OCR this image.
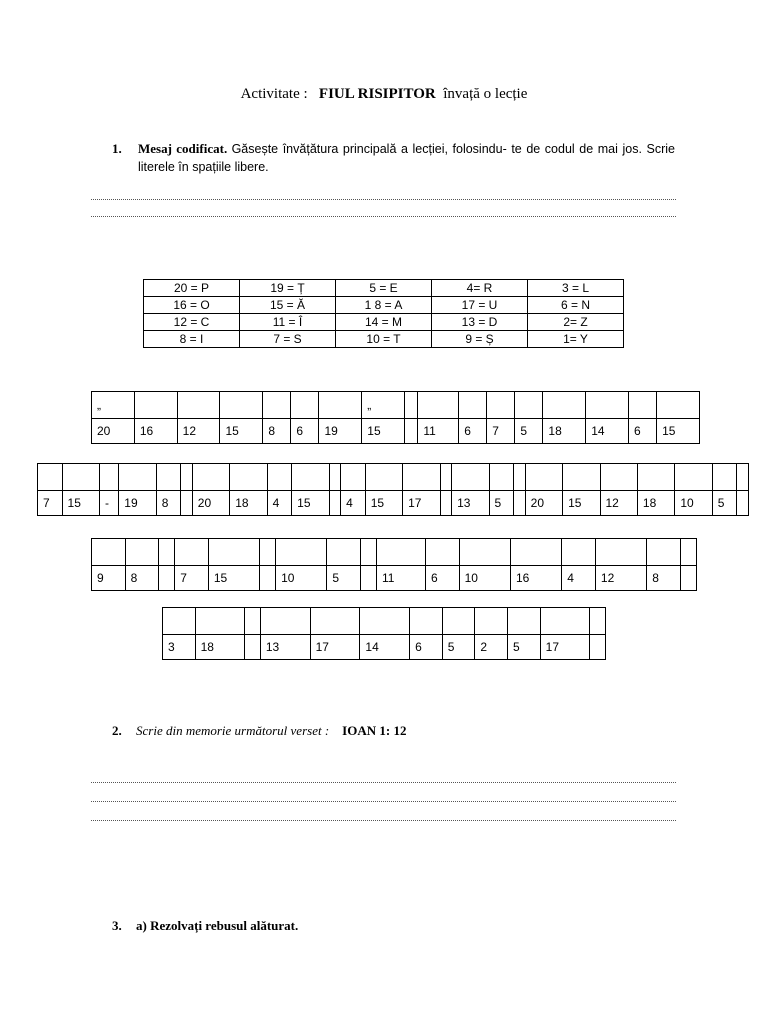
Activitate : FIUL RISIPITOR învață o lecție
1. Mesaj codificat. Găsește învățătura principală a lecției, folosindu- te de codul de mai jos. Scrie literele în spațiile libere.
20 = P	19 = Ț	5 = E	4= R	3 = L
16 = O	15 = Ă	1 8 = A	17 = U	6 = N
12 = C	11 = Î	14 = M	13 = D	2= Z
8 = I	7 = S	10 = T	9 = Ș	1= Y
„							„									
20	16	12	15	8	6	19	15		11	6	7	5	18	14	6	15

7	15	-	19	8		20	18	4	15		4	15	17		13	5		20	15	12	18	10	5	

9	8		7	15		10	5		11	6	10	16	4	12	8	

3	18		13	17	14	6	5	2	5	17	
2. Scrie din memorie următorul verset : IOAN 1: 12
3. a) Rezolvați rebusul alăturat.
